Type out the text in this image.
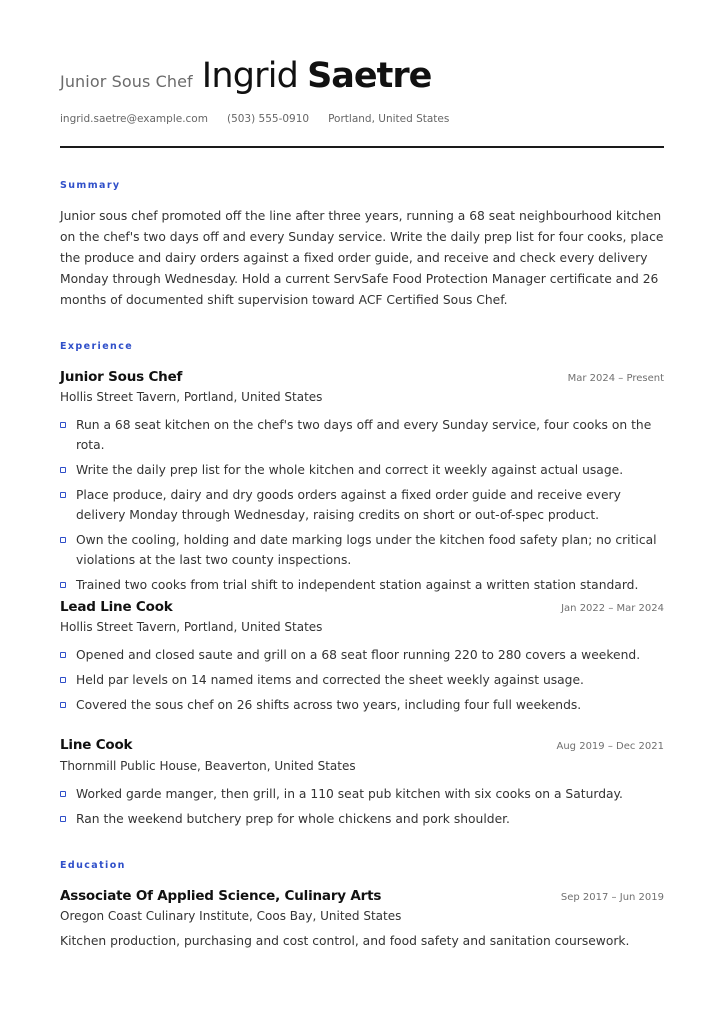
Junior Sous Chef Ingrid Saetre
ingrid.saetre@example.com (503) 555-0910 Portland, United States
Summary

Junior sous chef promoted off the line after three years, running a 68 seat neighbourhood kitchen on the chef's two days off and every Sunday service. Write the daily prep list for four cooks, place the produce and dairy orders against a fixed order guide, and receive and check every delivery Monday through Wednesday. Hold a current ServSafe Food Protection Manager certificate and 26 months of documented shift supervision toward ACF Certified Sous Chef.

Experience
Junior Sous Chef	Mar 2024 – Present
Hollis Street Tavern, Portland, United States
Run a 68 seat kitchen on the chef's two days off and every Sunday service, four cooks on the rota.
Write the daily prep list for the whole kitchen and correct it weekly against actual usage.
Place produce, dairy and dry goods orders against a fixed order guide and receive every delivery Monday through Wednesday, raising credits on short or out-of-spec product.
Own the cooling, holding and date marking logs under the kitchen food safety plan; no critical violations at the last two county inspections.
Trained two cooks from trial shift to independent station against a written station standard.
Lead Line Cook	Jan 2022 – Mar 2024
Hollis Street Tavern, Portland, United States
Opened and closed saute and grill on a 68 seat floor running 220 to 280 covers a weekend.
Held par levels on 14 named items and corrected the sheet weekly against usage.
Covered the sous chef on 26 shifts across two years, including four full weekends.
Line Cook	Aug 2019 – Dec 2021
Thornmill Public House, Beaverton, United States
Worked garde manger, then grill, in a 110 seat pub kitchen with six cooks on a Saturday.
Ran the weekend butchery prep for whole chickens and pork shoulder.
Education
Associate Of Applied Science, Culinary Arts	Sep 2017 – Jun 2019
Oregon Coast Culinary Institute, Coos Bay, United States
Kitchen production, purchasing and cost control, and food safety and sanitation coursework.
